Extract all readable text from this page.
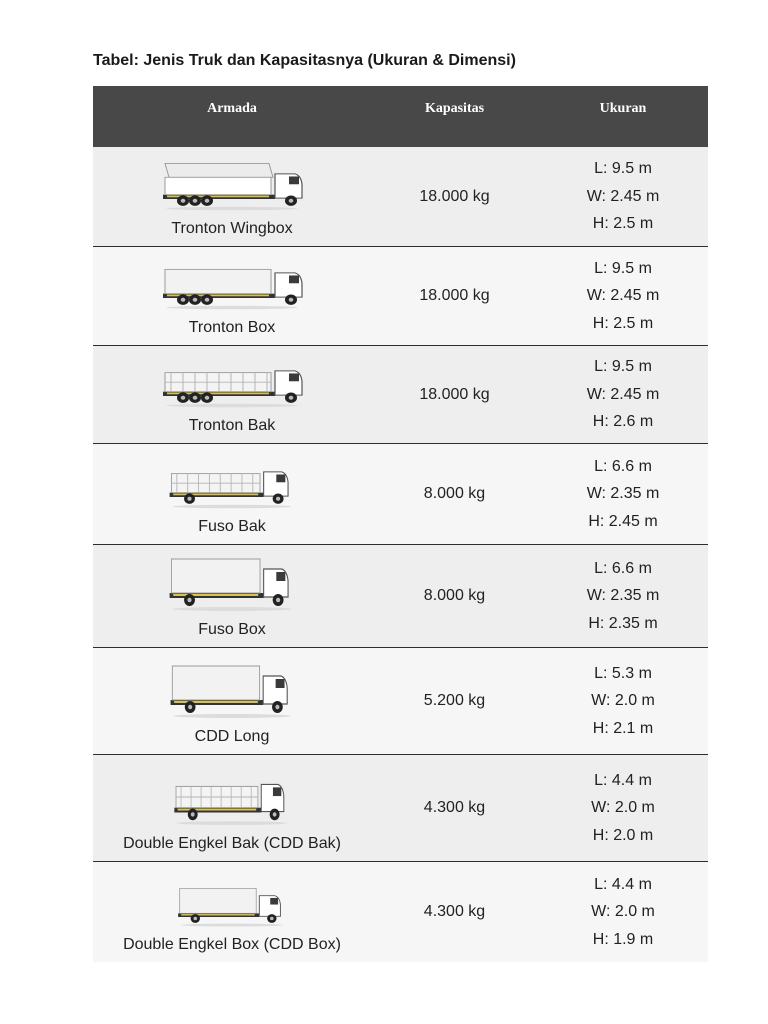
Tabel: Jenis Truk dan Kapasitasnya (Ukuran & Dimensi)
Armada	Kapasitas	Ukuran
Tronton Wingbox
18.000 kg
L: 9.5 m
W: 2.45 m
H: 2.5 m
Tronton Box
18.000 kg
L: 9.5 m
W: 2.45 m
H: 2.5 m
Tronton Bak
18.000 kg
L: 9.5 m
W: 2.45 m
H: 2.6 m
Fuso Bak
8.000 kg
L: 6.6 m
W: 2.35 m
H: 2.45 m
Fuso Box
8.000 kg
L: 6.6 m
W: 2.35 m
H: 2.35 m
CDD Long
5.200 kg
L: 5.3 m
W: 2.0 m
H: 2.1 m
Double Engkel Bak (CDD Bak)
4.300 kg
L: 4.4 m
W: 2.0 m
H: 2.0 m
Double Engkel Box (CDD Box)
4.300 kg
L: 4.4 m
W: 2.0 m
H: 1.9 m
